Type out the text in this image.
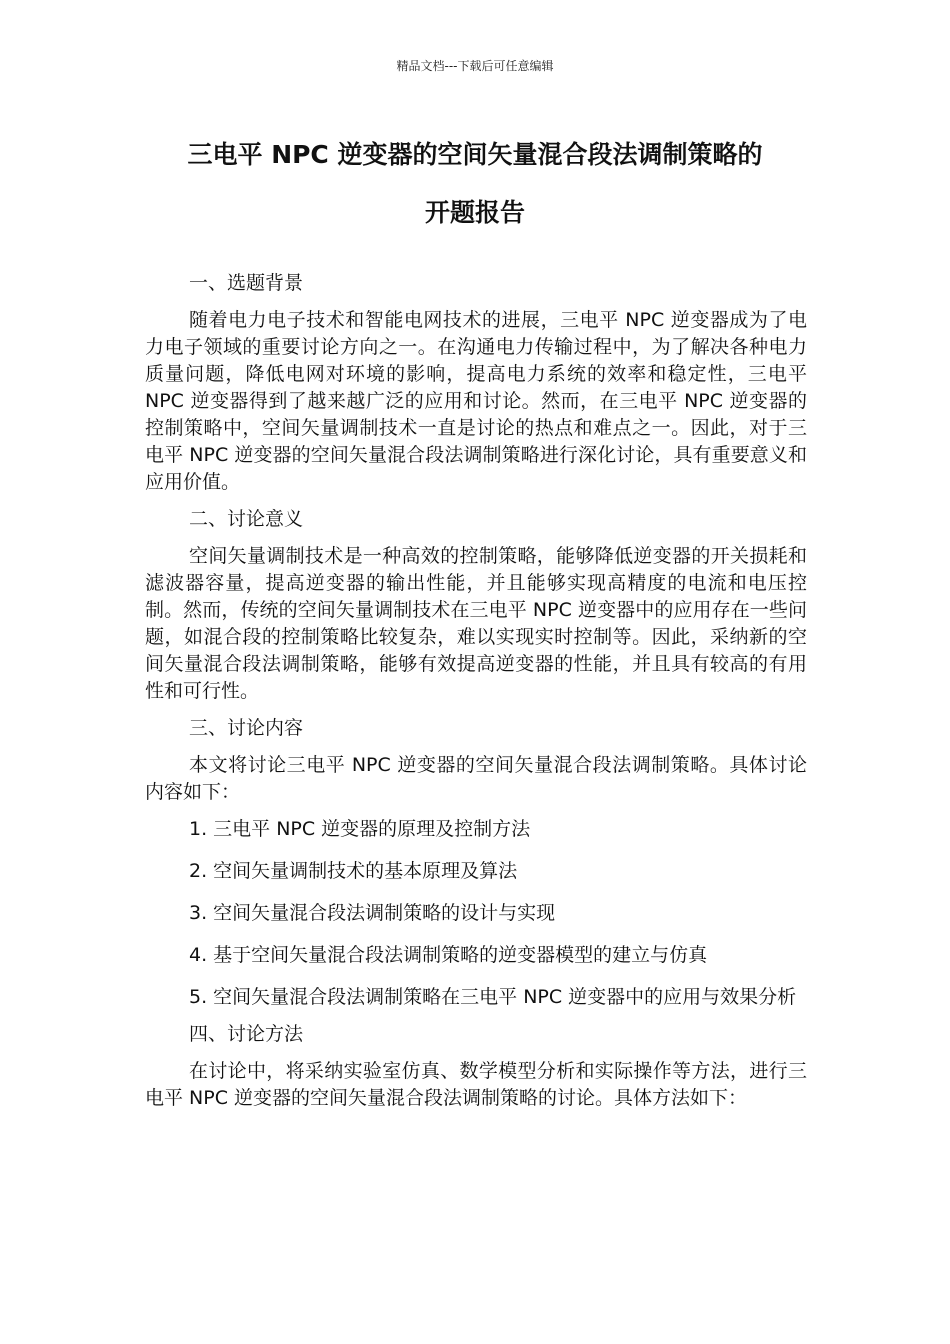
精品文档---下载后可任意编辑
三电平 NPC 逆变器的空间矢量混合段法调制策略的
开题报告

一、选题背景

随着电力电子技术和智能电网技术的进展，三电平 NPC 逆变器成为了电力电子领域的重要讨论方向之一。在沟通电力传输过程中，为了解决各种电力质量问题，降低电网对环境的影响，提高电力系统的效率和稳定性，三电平 NPC 逆变器得到了越来越广泛的应用和讨论。然而，在三电平 NPC 逆变器的控制策略中，空间矢量调制技术一直是讨论的热点和难点之一。因此，对于三电平 NPC 逆变器的空间矢量混合段法调制策略进行深化讨论，具有重要意义和应用价值。

二、讨论意义

空间矢量调制技术是一种高效的控制策略，能够降低逆变器的开关损耗和滤波器容量，提高逆变器的输出性能，并且能够实现高精度的电流和电压控制。然而，传统的空间矢量调制技术在三电平 NPC 逆变器中的应用存在一些问题，如混合段的控制策略比较复杂，难以实现实时控制等。因此，采纳新的空间矢量混合段法调制策略，能够有效提高逆变器的性能，并且具有较高的有用性和可行性。

三、讨论内容

本文将讨论三电平 NPC 逆变器的空间矢量混合段法调制策略。具体讨论内容如下：

1. 三电平 NPC 逆变器的原理及控制方法

2. 空间矢量调制技术的基本原理及算法

3. 空间矢量混合段法调制策略的设计与实现

4. 基于空间矢量混合段法调制策略的逆变器模型的建立与仿真

5. 空间矢量混合段法调制策略在三电平 NPC 逆变器中的应用与效果分析

四、讨论方法

在讨论中，将采纳实验室仿真、数学模型分析和实际操作等方法，进行三电平 NPC 逆变器的空间矢量混合段法调制策略的讨论。具体方法如下：
